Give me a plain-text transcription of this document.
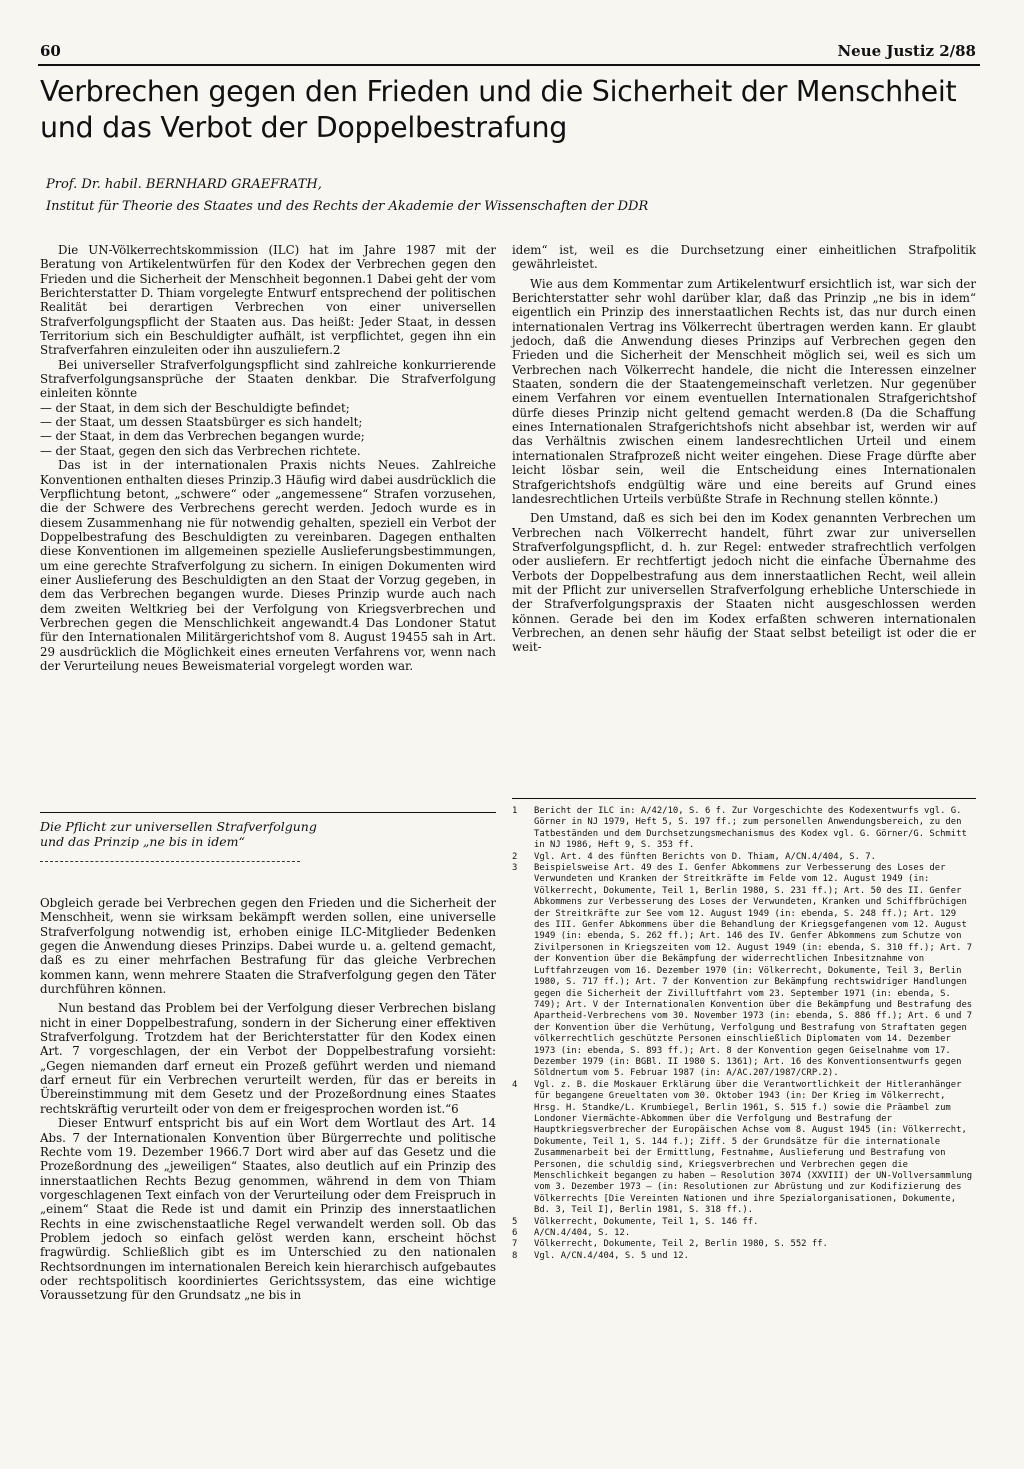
60	Neue Justiz 2/88
Verbrechen gegen den Frieden und die Sicherheit der Menschheit
und das Verbot der Doppelbestrafung

Prof. Dr. habil. BERNHARD GRAEFRATH,

Institut für Theorie des Staates und des Rechts der Akademie der Wissenschaften der DDR

Die UN-Völkerrechtskommission (ILC) hat im Jahre 1987 mit der Beratung von Artikelentwürfen für den Kodex der Verbrechen gegen den Frieden und die Sicherheit der Menschheit begonnen.1 Dabei geht der vom Berichterstatter D. Thiam vorgelegte Entwurf entsprechend der politischen Realität bei derartigen Verbrechen von einer universellen Strafverfolgungspflicht der Staaten aus. Das heißt: Jeder Staat, in dessen Territorium sich ein Beschuldigter aufhält, ist verpflichtet, gegen ihn ein Strafverfahren einzuleiten oder ihn auszuliefern.2

Bei universeller Strafverfolgungspflicht sind zahlreiche konkurrierende Strafverfolgungsansprüche der Staaten denkbar. Die Strafverfolgung einleiten könnte

— der Staat, in dem sich der Beschuldigte befindet;
— der Staat, um dessen Staatsbürger es sich handelt;
— der Staat, in dem das Verbrechen begangen wurde;
— der Staat, gegen den sich das Verbrechen richtete.

Das ist in der internationalen Praxis nichts Neues. Zahlreiche Konventionen enthalten dieses Prinzip.3 Häufig wird dabei ausdrücklich die Verpflichtung betont, „schwere“ oder „angemessene“ Strafen vorzusehen, die der Schwere des Verbrechens gerecht werden. Jedoch wurde es in diesem Zusammenhang nie für notwendig gehalten, speziell ein Verbot der Doppelbestrafung des Beschuldigten zu vereinbaren. Dagegen enthalten diese Konventionen im allgemeinen spezielle Auslieferungsbestimmungen, um eine gerechte Strafverfolgung zu sichern. In einigen Dokumenten wird einer Auslieferung des Beschuldigten an den Staat der Vorzug gegeben, in dem das Verbrechen begangen wurde. Dieses Prinzip wurde auch nach dem zweiten Weltkrieg bei der Verfolgung von Kriegsverbrechen und Verbrechen gegen die Menschlichkeit angewandt.4 Das Londoner Statut für den Internationalen Militärgerichtshof vom 8. August 19455 sah in Art. 29 ausdrücklich die Möglichkeit eines erneuten Verfahrens vor, wenn nach der Verurteilung neues Beweismaterial vorgelegt worden war.

Die Pflicht zur universellen Strafverfolgung
und das Prinzip „ne bis in idem“

Obgleich gerade bei Verbrechen gegen den Frieden und die Sicherheit der Menschheit, wenn sie wirksam bekämpft werden sollen, eine universelle Strafverfolgung notwendig ist, erhoben einige ILC-Mitglieder Bedenken gegen die Anwendung dieses Prinzips. Dabei wurde u. a. geltend gemacht, daß es zu einer mehrfachen Bestrafung für das gleiche Verbrechen kommen kann, wenn mehrere Staaten die Strafverfolgung gegen den Täter durchführen können.

Nun bestand das Problem bei der Verfolgung dieser Verbrechen bislang nicht in einer Doppelbestrafung, sondern in der Sicherung einer effektiven Strafverfolgung. Trotzdem hat der Berichterstatter für den Kodex einen Art. 7 vorgeschlagen, der ein Verbot der Doppelbestrafung vorsieht: „Gegen niemanden darf erneut ein Prozeß geführt werden und niemand darf erneut für ein Verbrechen verurteilt werden, für das er bereits in Übereinstimmung mit dem Gesetz und der Prozeßordnung eines Staates rechtskräftig verurteilt oder von dem er freigesprochen worden ist.“6

Dieser Entwurf entspricht bis auf ein Wort dem Wortlaut des Art. 14 Abs. 7 der Internationalen Konvention über Bürgerrechte und politische Rechte vom 19. Dezember 1966.7 Dort wird aber auf das Gesetz und die Prozeßordnung des „jeweiligen“ Staates, also deutlich auf ein Prinzip des innerstaatlichen Rechts Bezug genommen, während in dem von Thiam vorgeschlagenen Text einfach von der Verurteilung oder dem Freispruch in „einem“ Staat die Rede ist und damit ein Prinzip des innerstaatlichen Rechts in eine zwischenstaatliche Regel verwandelt werden soll. Ob das Problem jedoch so einfach gelöst werden kann, erscheint höchst fragwürdig. Schließlich gibt es im Unterschied zu den nationalen Rechtsordnungen im internationalen Bereich kein hierarchisch aufgebautes oder rechtspolitisch koordiniertes Gerichtssystem, das eine wichtige Voraussetzung für den Grundsatz „ne bis in

idem“ ist, weil es die Durchsetzung einer einheitlichen Strafpolitik gewährleistet.

Wie aus dem Kommentar zum Artikelentwurf ersichtlich ist, war sich der Berichterstatter sehr wohl darüber klar, daß das Prinzip „ne bis in idem“ eigentlich ein Prinzip des innerstaatlichen Rechts ist, das nur durch einen internationalen Vertrag ins Völkerrecht übertragen werden kann. Er glaubt jedoch, daß die Anwendung dieses Prinzips auf Verbrechen gegen den Frieden und die Sicherheit der Menschheit möglich sei, weil es sich um Verbrechen nach Völkerrecht handele, die nicht die Interessen einzelner Staaten, sondern die der Staatengemeinschaft verletzen. Nur gegenüber einem Verfahren vor einem eventuellen Internationalen Strafgerichtshof dürfe dieses Prinzip nicht geltend gemacht werden.8 (Da die Schaffung eines Internationalen Strafgerichtshofs nicht absehbar ist, werden wir auf das Verhältnis zwischen einem landesrechtlichen Urteil und einem internationalen Strafprozeß nicht weiter eingehen. Diese Frage dürfte aber leicht lösbar sein, weil die Entscheidung eines Internationalen Strafgerichtshofs endgültig wäre und eine bereits auf Grund eines landesrechtlichen Urteils verbüßte Strafe in Rechnung stellen könnte.)

Den Umstand, daß es sich bei den im Kodex genannten Verbrechen um Verbrechen nach Völkerrecht handelt, führt zwar zur universellen Strafverfolgungspflicht, d. h. zur Regel: entweder strafrechtlich verfolgen oder ausliefern. Er rechtfertigt jedoch nicht die einfache Übernahme des Verbots der Doppelbestrafung aus dem innerstaatlichen Recht, weil allein mit der Pflicht zur universellen Strafverfolgung erhebliche Unterschiede in der Strafverfolgungspraxis der Staaten nicht ausgeschlossen werden können. Gerade bei den im Kodex erfaßten schweren internationalen Verbrechen, an denen sehr häufig der Staat selbst beteiligt ist oder die er weit-

1	Bericht der ILC in: A/42/10, S. 6 f. Zur Vorgeschichte des Kodexentwurfs vgl. G. Görner in NJ 1979, Heft 5, S. 197 ff.; zum personellen Anwendungsbereich, zu den Tatbeständen und dem Durchsetzungsmechanismus des Kodex vgl. G. Görner/G. Schmitt in NJ 1986, Heft 9, S. 353 ff.
2	Vgl. Art. 4 des fünften Berichts von D. Thiam, A/CN.4/404, S. 7.
3	Beispielsweise Art. 49 des I. Genfer Abkommens zur Verbesserung des Loses der Verwundeten und Kranken der Streitkräfte im Felde vom 12. August 1949 (in: Völkerrecht, Dokumente, Teil 1, Berlin 1980, S. 231 ff.); Art. 50 des II. Genfer Abkommens zur Verbesserung des Loses der Verwundeten, Kranken und Schiffbrüchigen der Streitkräfte zur See vom 12. August 1949 (in: ebenda, S. 248 ff.); Art. 129 des III. Genfer Abkommens über die Behandlung der Kriegsgefangenen vom 12. August 1949 (in: ebenda, S. 262 ff.); Art. 146 des IV. Genfer Abkommens zum Schutze von Zivilpersonen in Kriegszeiten vom 12. August 1949 (in: ebenda, S. 310 ff.); Art. 7 der Konvention über die Bekämpfung der widerrechtlichen Inbesitznahme von Luftfahrzeugen vom 16. Dezember 1970 (in: Völkerrecht, Dokumente, Teil 3, Berlin 1980, S. 717 ff.); Art. 7 der Konvention zur Bekämpfung rechtswidriger Handlungen gegen die Sicherheit der Zivilluftfahrt vom 23. September 1971 (in: ebenda, S. 749); Art. V der Internationalen Konvention über die Bekämpfung und Bestrafung des Apartheid-Verbrechens vom 30. November 1973 (in: ebenda, S. 886 ff.); Art. 6 und 7 der Konvention über die Verhütung, Verfolgung und Bestrafung von Straftaten gegen völkerrechtlich geschützte Personen einschließlich Diplomaten vom 14. Dezember 1973 (in: ebenda, S. 893 ff.); Art. 8 der Konvention gegen Geiselnahme vom 17. Dezember 1979 (in: BGBl. II 1980 S. 1361); Art. 16 des Konventionsentwurfs gegen Söldnertum vom 5. Februar 1987 (in: A/AC.207/1987/CRP.2).
4	Vgl. z. B. die Moskauer Erklärung über die Verantwortlichkeit der Hitleranhänger für begangene Greueltaten vom 30. Oktober 1943 (in: Der Krieg im Völkerrecht, Hrsg. H. Standke/L. Krumbiegel, Berlin 1961, S. 515 f.) sowie die Präambel zum Londoner Viermächte-Abkommen über die Verfolgung und Bestrafung der Hauptkriegsverbrecher der Europäischen Achse vom 8. August 1945 (in: Völkerrecht, Dokumente, Teil 1, S. 144 f.); Ziff. 5 der Grundsätze für die internationale Zusammenarbeit bei der Ermittlung, Festnahme, Auslieferung und Bestrafung von Personen, die schuldig sind, Kriegsverbrechen und Verbrechen gegen die Menschlichkeit begangen zu haben – Resolution 3074 (XXVIII) der UN-Vollversammlung vom 3. Dezember 1973 – (in: Resolutionen zur Abrüstung und zur Kodifizierung des Völkerrechts [Die Vereinten Nationen und ihre Spezialorganisationen, Dokumente, Bd. 3, Teil I], Berlin 1981, S. 318 ff.).
5	Völkerrecht, Dokumente, Teil 1, S. 146 ff.
6	A/CN.4/404, S. 12.
7	Völkerrecht, Dokumente, Teil 2, Berlin 1980, S. 552 ff.
8	Vgl. A/CN.4/404, S. 5 und 12.
